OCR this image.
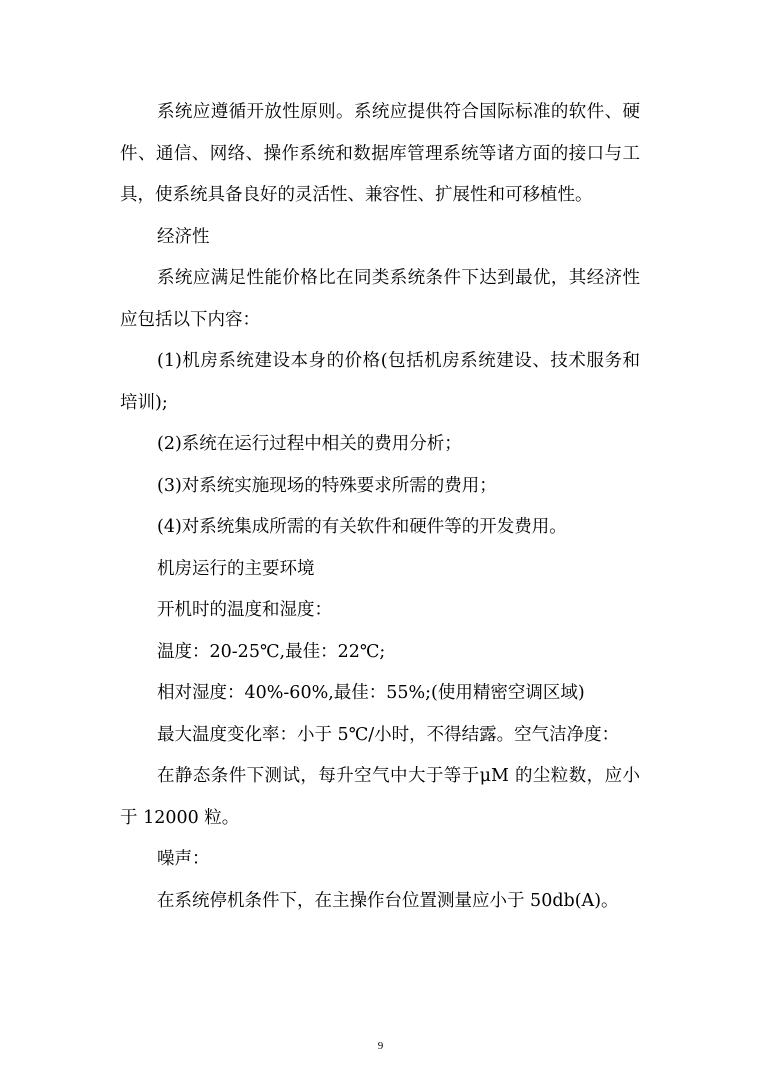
系统应遵循开放性原则。系统应提供符合国际标准的软件、硬件、通信、网络、操作系统和数据库管理系统等诸方面的接口与工具，使系统具备良好的灵活性、兼容性、扩展性和可移植性。

经济性

系统应满足性能价格比在同类系统条件下达到最优，其经济性应包括以下内容：

(1)机房系统建设本身的价格(包括机房系统建设、技术服务和培训);

(2)系统在运行过程中相关的费用分析；

(3)对系统实施现场的特殊要求所需的费用；

(4)对系统集成所需的有关软件和硬件等的开发费用。

机房运行的主要环境

开机时的温度和湿度：

温度：20-25℃,最佳：22℃;

相对湿度：40%-60%,最佳：55%;(使用精密空调区域)

最大温度变化率：小于 5℃/小时，不得结露。空气洁净度：

在静态条件下测试，每升空气中大于等于μM 的尘粒数，应小于 12000 粒。

噪声：

在系统停机条件下，在主操作台位置测量应小于 50db(A)。

9
